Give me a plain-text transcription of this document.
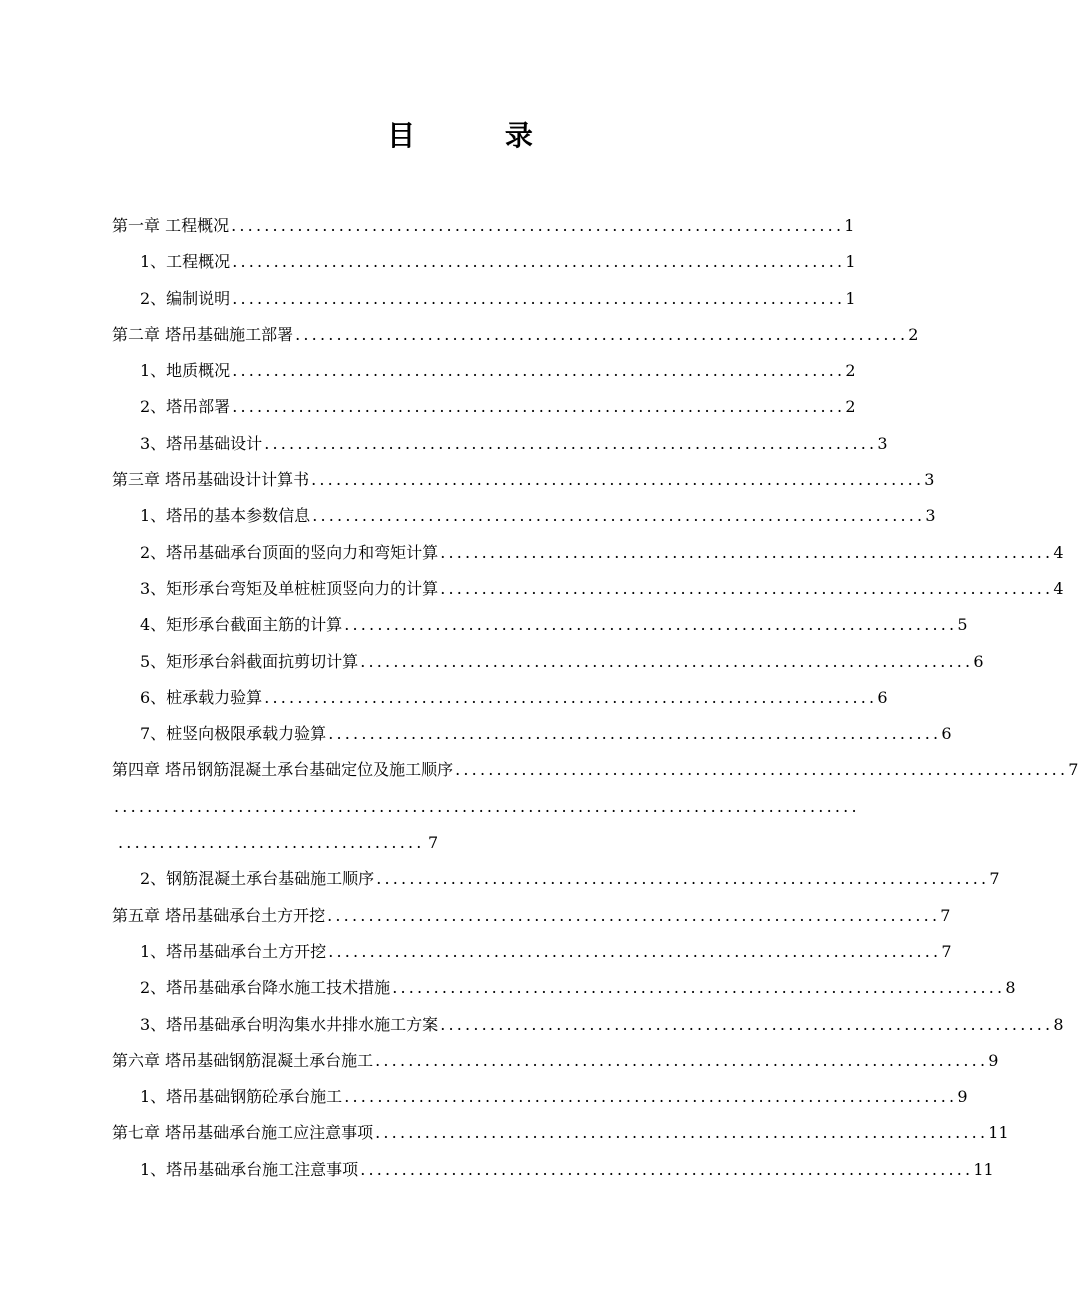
目 录
第一章 工程概况 .......................................................................... 1
1、工程概况 .......................................................................... 1
2、编制说明 .......................................................................... 1
第二章 塔吊基础施工部署 .......................................................................... 2
1、地质概况 .......................................................................... 2
2、塔吊部署 .......................................................................... 2
3、塔吊基础设计 .......................................................................... 3
第三章 塔吊基础设计计算书 .......................................................................... 3
1、塔吊的基本参数信息 .......................................................................... 3
2、塔吊基础承台顶面的竖向力和弯矩计算 .......................................................................... 4
3、矩形承台弯矩及单桩桩顶竖向力的计算 .......................................................................... 4
4、矩形承台截面主筋的计算 .......................................................................... 5
5、矩形承台斜截面抗剪切计算 .......................................................................... 6
6、桩承载力验算 .......................................................................... 6
7、桩竖向极限承载力验算 .......................................................................... 6
第四章 塔吊钢筋混凝土承台基础定位及施工顺序 .......................................................................... 7
..........................................................................................
..................................... 7
2、钢筋混凝土承台基础施工顺序 .......................................................................... 7
第五章 塔吊基础承台土方开挖 .......................................................................... 7
1、塔吊基础承台土方开挖 .......................................................................... 7
2、塔吊基础承台降水施工技术措施 .......................................................................... 8
3、塔吊基础承台明沟集水井排水施工方案 .......................................................................... 8
第六章 塔吊基础钢筋混凝土承台施工 .......................................................................... 9
1、塔吊基础钢筋砼承台施工 .......................................................................... 9
第七章 塔吊基础承台施工应注意事项 .......................................................................... 11
1、塔吊基础承台施工注意事项 .......................................................................... 11
